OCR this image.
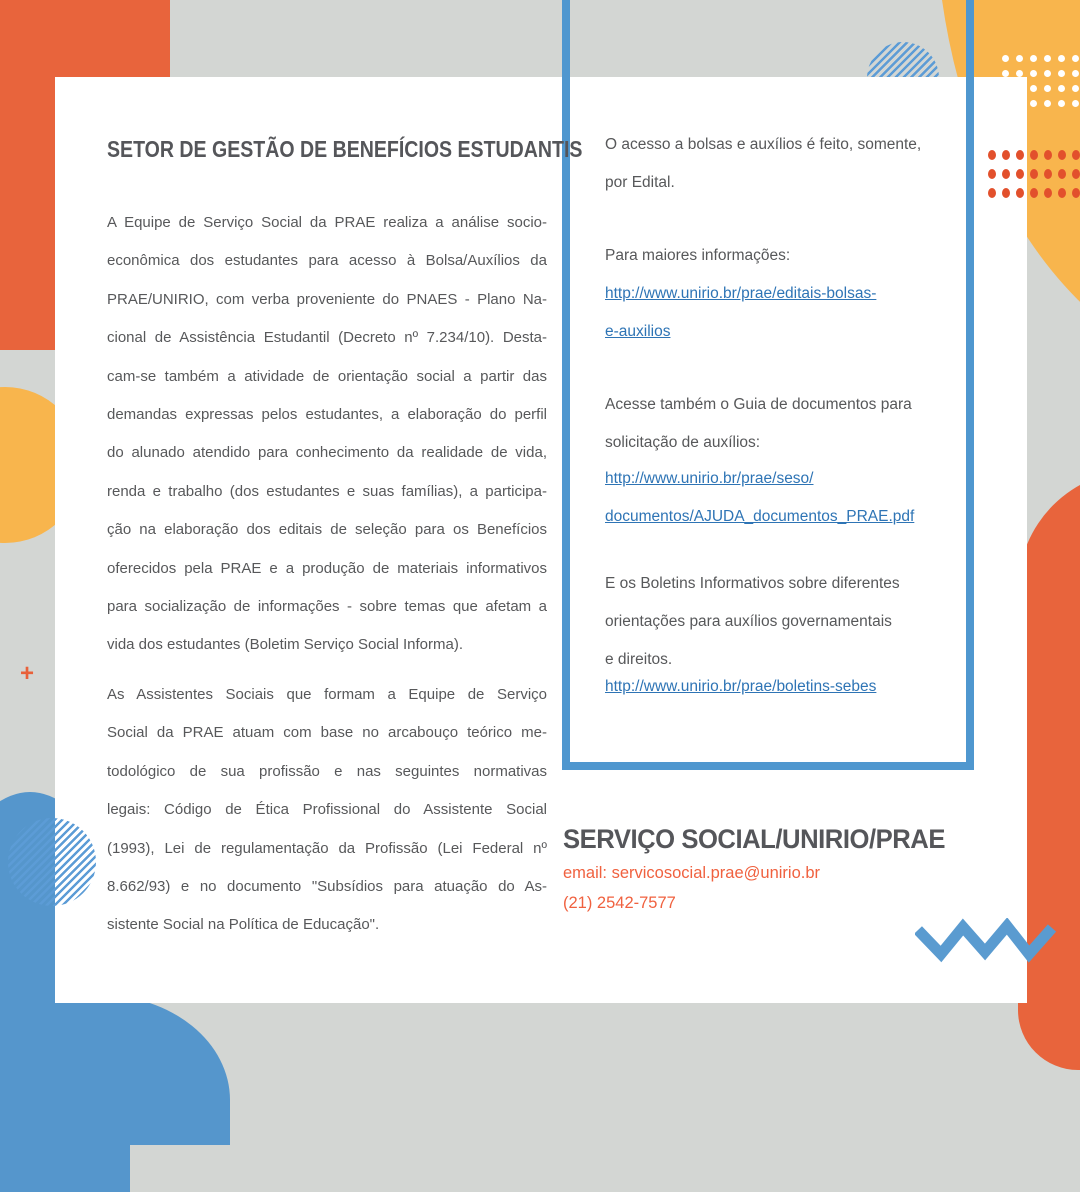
+
SETOR DE GESTÃO DE BENEFÍCIOS ESTUDANTIS
A Equipe de Serviço Social da PRAE realiza a análise socio-
econômica dos estudantes para acesso à Bolsa/Auxílios da
PRAE/UNIRIO, com verba proveniente do PNAES - Plano Na-
cional de Assistência Estudantil (Decreto nº 7.234/10). Desta-
cam-se também a atividade de orientação social a partir das
demandas expressas pelos estudantes, a elaboração do perfil
do alunado atendido para conhecimento da realidade de vida,
renda e trabalho (dos estudantes e suas famílias), a participa-
ção na elaboração dos editais de seleção para os Benefícios
oferecidos pela PRAE e a produção de materiais informativos
para socialização de informações - sobre temas que afetam a
vida dos estudantes (Boletim Serviço Social Informa).
As Assistentes Sociais que formam a Equipe de Serviço
Social da PRAE atuam com base no arcabouço teórico me-
todológico de sua profissão e nas seguintes normativas
legais: Código de Ética Profissional do Assistente Social
(1993), Lei de regulamentação da Profissão (Lei Federal nº
8.662/93) e no documento "Subsídios para atuação do As-
sistente Social na Política de Educação".
O acesso a bolsas e auxílios é feito, somente,
por Edital.
Para maiores informações:
http://www.unirio.br/prae/editais-bolsas-
e-auxilios
Acesse também o Guia de documentos para
solicitação de auxílios:
http://www.unirio.br/prae/seso/
documentos/AJUDA_documentos_PRAE.pdf
E os Boletins Informativos sobre diferentes
orientações para auxílios governamentais
e direitos.
http://www.unirio.br/prae/boletins-sebes
SERVIÇO SOCIAL/UNIRIO/PRAE
email: servicosocial.prae@unirio.br
(21) 2542-7577
